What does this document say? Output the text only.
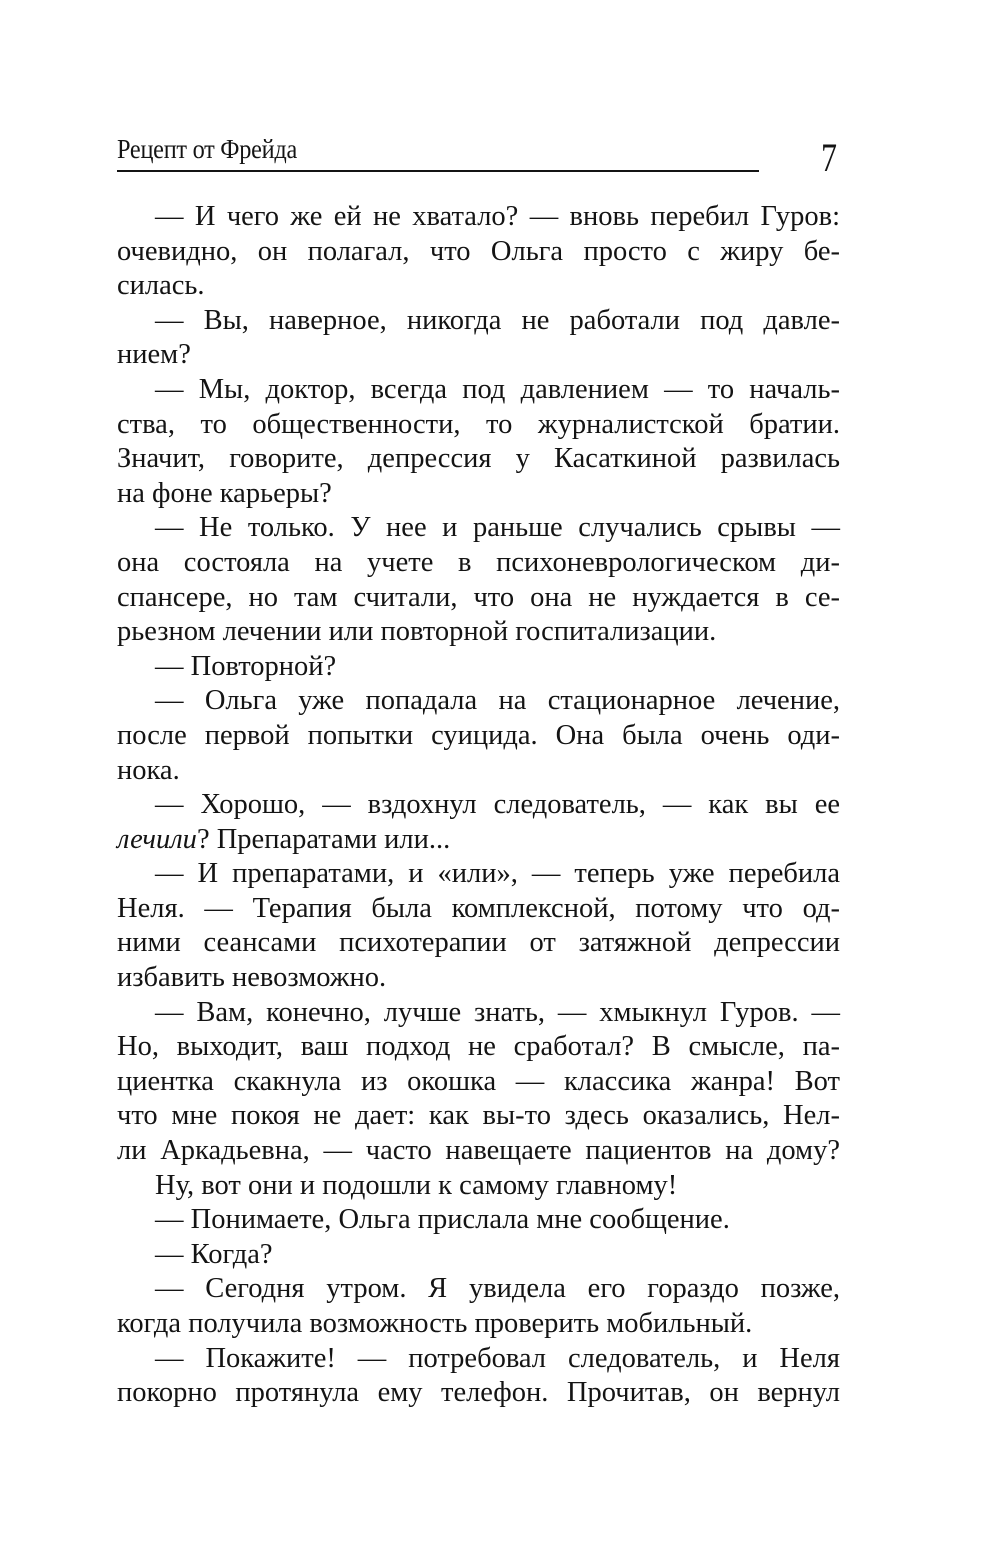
Рецепт от Фрейда	7
— И чего же ей не хватало? — вновь перебил Гуров:
очевидно, он полагал, что Ольга просто с жиру бе-
силась.
— Вы, наверное, никогда не работали под давле-
нием?
— Мы, доктор, всегда под давлением — то началь-
ства, то общественности, то журналистской братии.
Значит, говорите, депрессия у Касаткиной развилась
на фоне карьеры?
— Не только. У нее и раньше случались срывы —
она состояла на учете в психоневрологическом ди-
спансере, но там считали, что она не нуждается в се-
рьезном лечении или повторной госпитализации.
— Повторной?
— Ольга уже попадала на стационарное лечение,
после первой попытки суицида. Она была очень оди-
нока.
— Хорошо, — вздохнул следователь, — как вы ее
лечили? Препаратами или...
— И препаратами, и «или», — теперь уже перебила
Неля. — Терапия была комплексной, потому что од-
ними сеансами психотерапии от затяжной депрессии
избавить невозможно.
— Вам, конечно, лучше знать, — хмыкнул Гуров. —
Но, выходит, ваш подход не сработал? В смысле, па-
циентка скакнула из окошка — классика жанра! Вот
что мне покоя не дает: как вы-то здесь оказались, Нел-
ли Аркадьевна, — часто навещаете пациентов на дому?
Ну, вот они и подошли к самому главному!
— Понимаете, Ольга прислала мне сообщение.
— Когда?
— Сегодня утром. Я увидела его гораздо позже,
когда получила возможность проверить мобильный.
— Покажите! — потребовал следователь, и Неля
покорно протянула ему телефон. Прочитав, он вернул
